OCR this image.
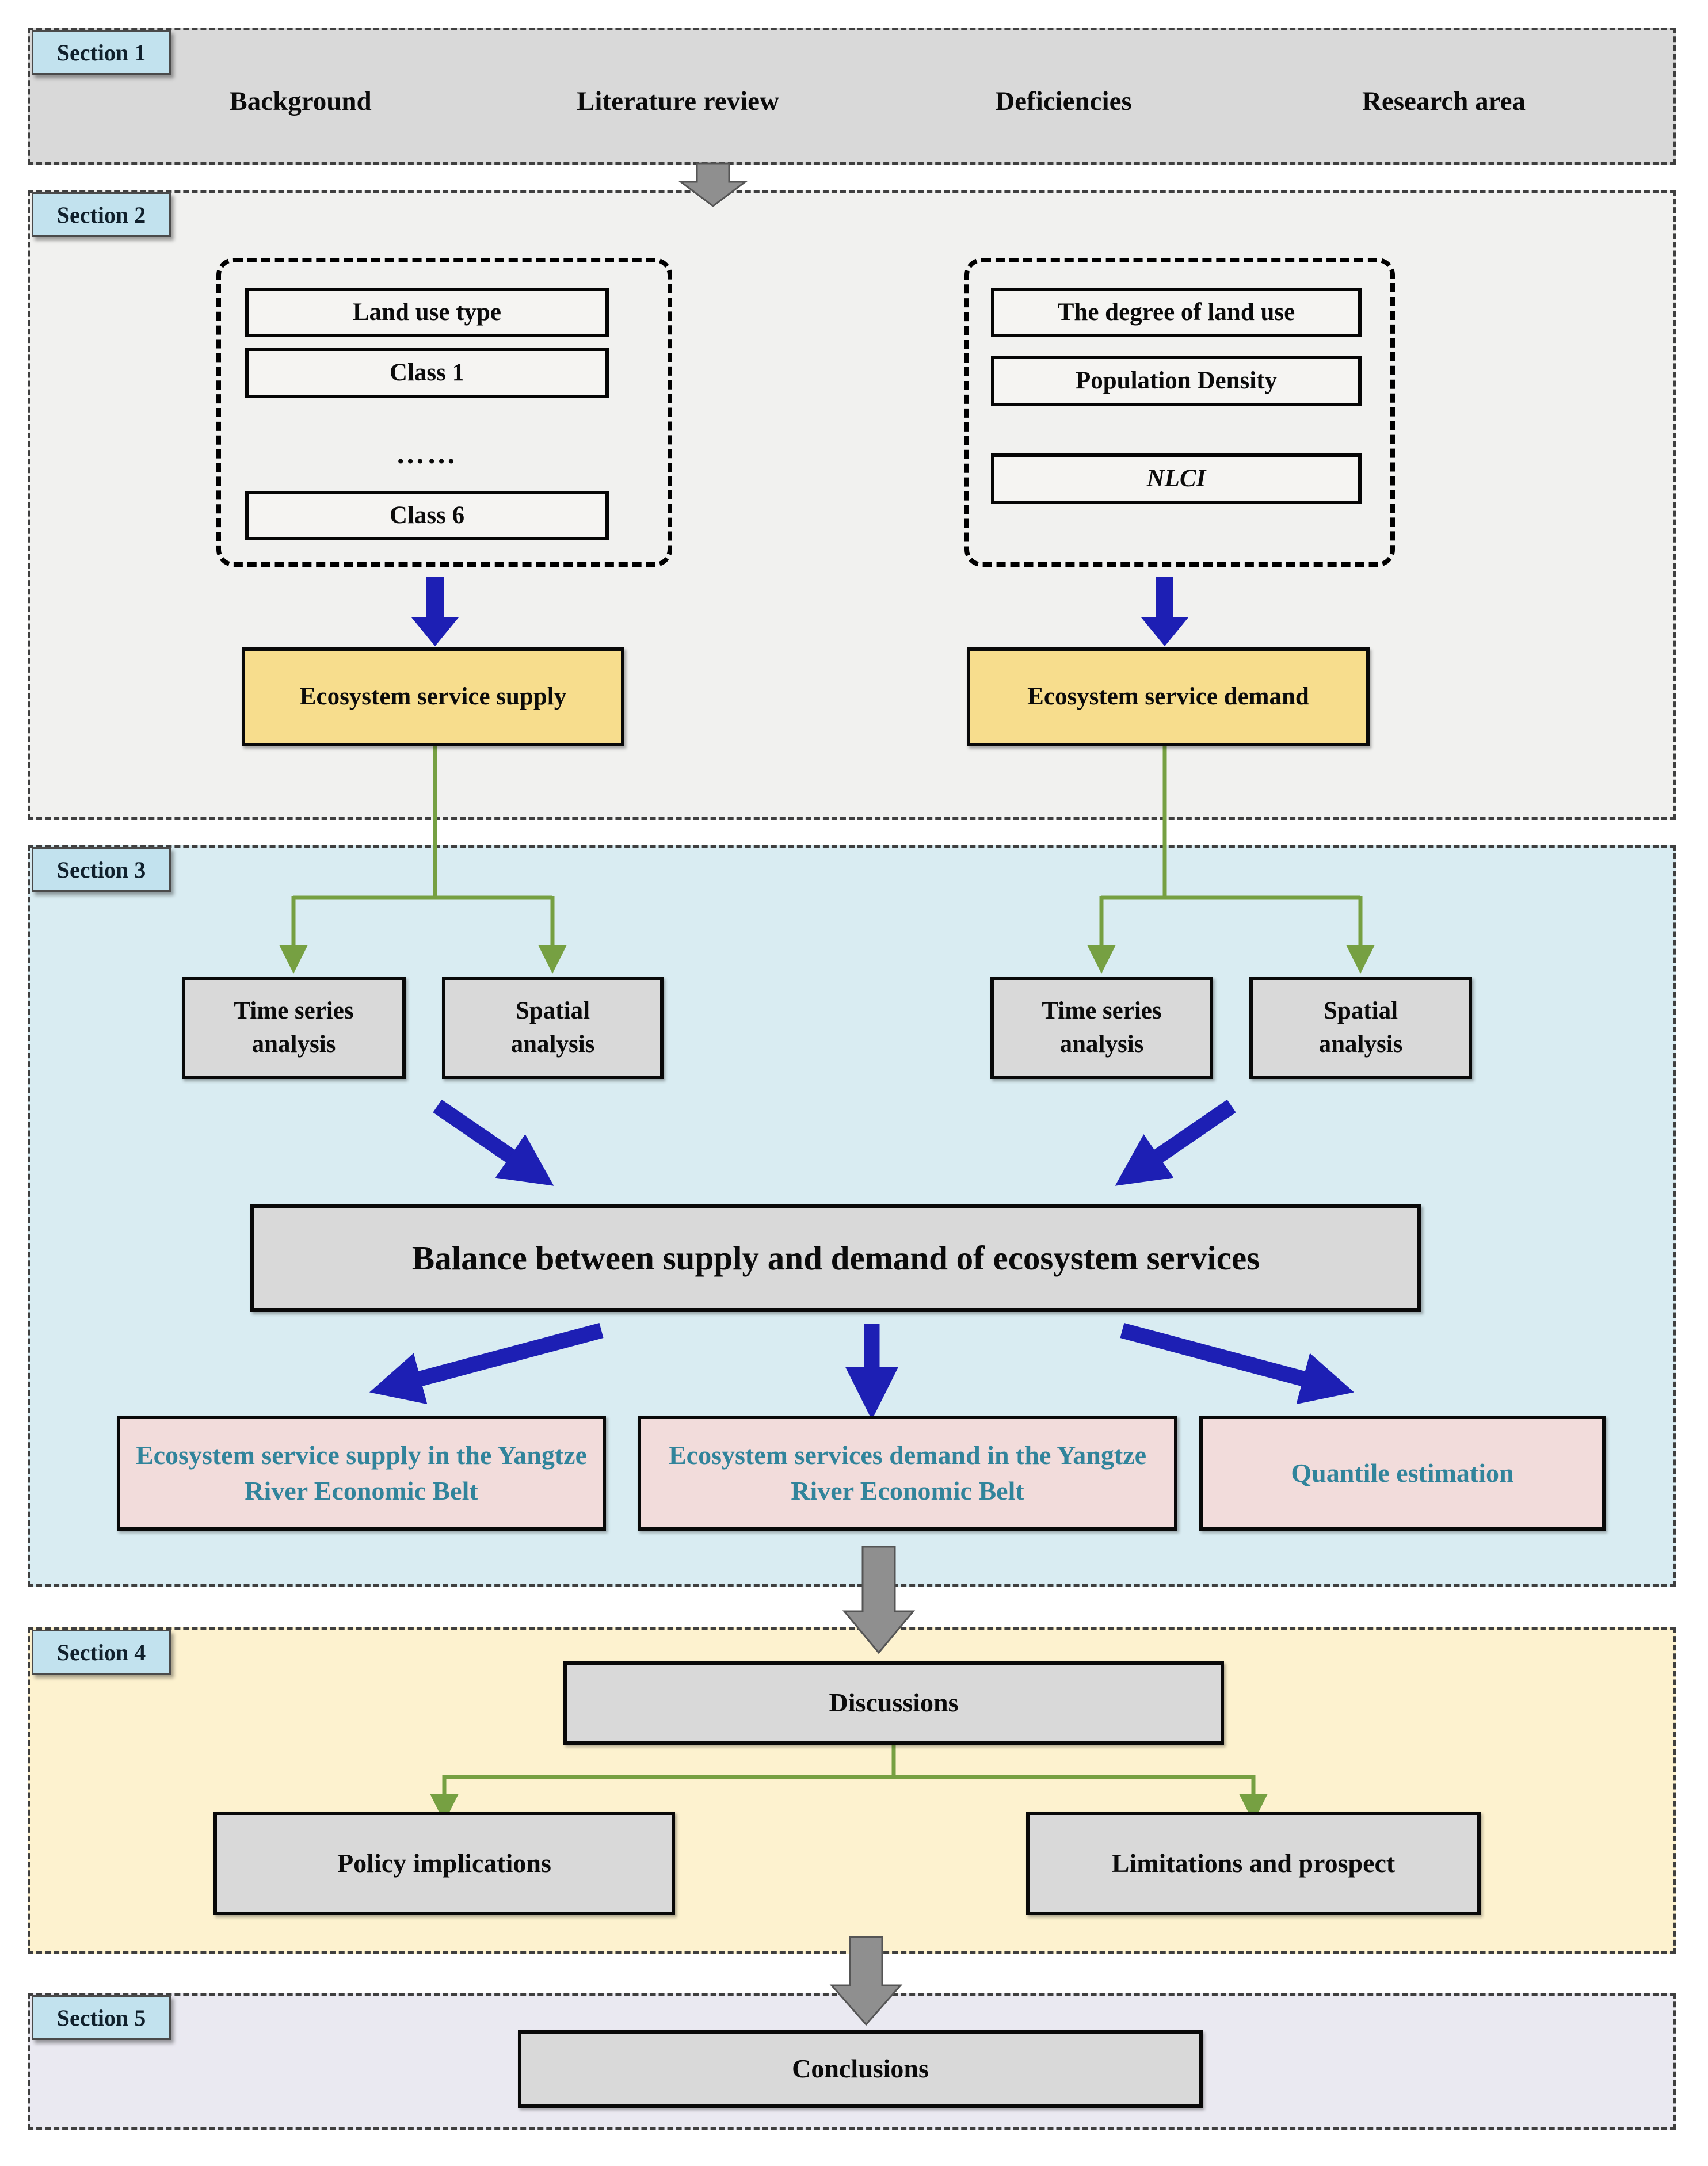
Section 1
Section 2
Section 3
Section 4
Section 5
Background	Literature review	Deficiencies	Research area
Land use type
Class 1
……
Class 6
The degree of land use
Population Density
NLCI
Ecosystem service supply	Ecosystem service demand
Time series analysis
Spatial analysis
Time series analysis
Spatial analysis
Balance between supply and demand of ecosystem services
Ecosystem service supply in the Yangtze River Economic Belt
Ecosystem services demand in the Yangtze River Economic Belt
Quantile estimation
Discussions
Policy implications	Limitations and prospect
Conclusions
